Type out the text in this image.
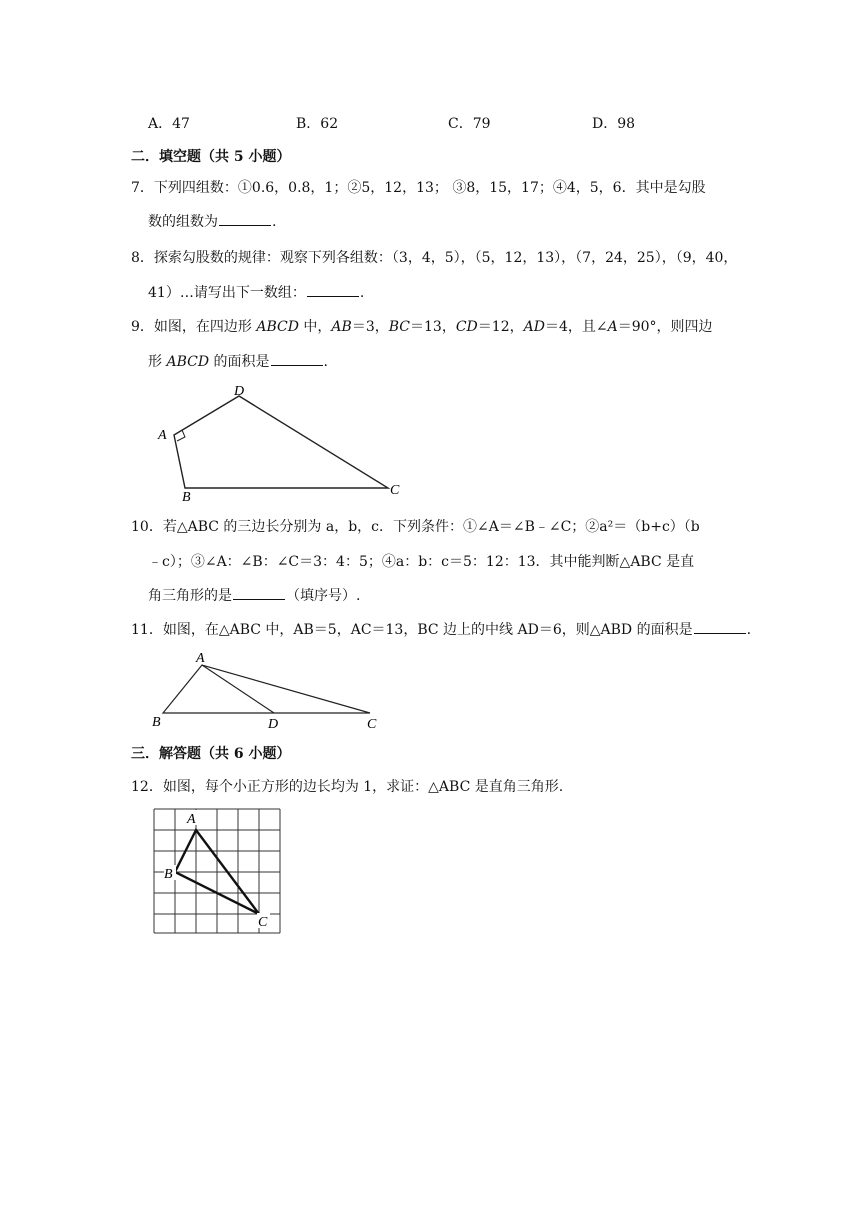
A．47	B．62	C．79	D．98
二．填空题（共 5 小题）
7．下列四组数：①0.6，0.8，1；②5，12，13； ③8，15，17；④4，5，6．其中是勾股
数的组数为	.
8．探索勾股数的规律：观察下列各组数：（3，4，5），（5，12，13），（7，24，25），（9，40，
41）…请写出下一数组：	.
9．如图，在四边形 ABCD 中，AB＝3，BC＝13，CD＝12，AD＝4，且∠A＝90°，则四边
形 ABCD 的面积是	.
A
D
C
B
10．若△ABC 的三边长分别为 a，b，c．下列条件：①∠A＝∠B﹣∠C；②a²＝（b+c）（b
﹣c）；③∠A：∠B：∠C＝3：4：5；④a：b：c＝5：12：13．其中能判断△ABC 是直
角三角形的是	（填序号）.
11．如图，在△ABC 中，AB＝5，AC＝13，BC 边上的中线 AD＝6，则△ABD 的面积是	.
A
B	D	C
三．解答题（共 6 小题）
12．如图，每个小正方形的边长均为 1，求证：△ABC 是直角三角形.
A
B
C
